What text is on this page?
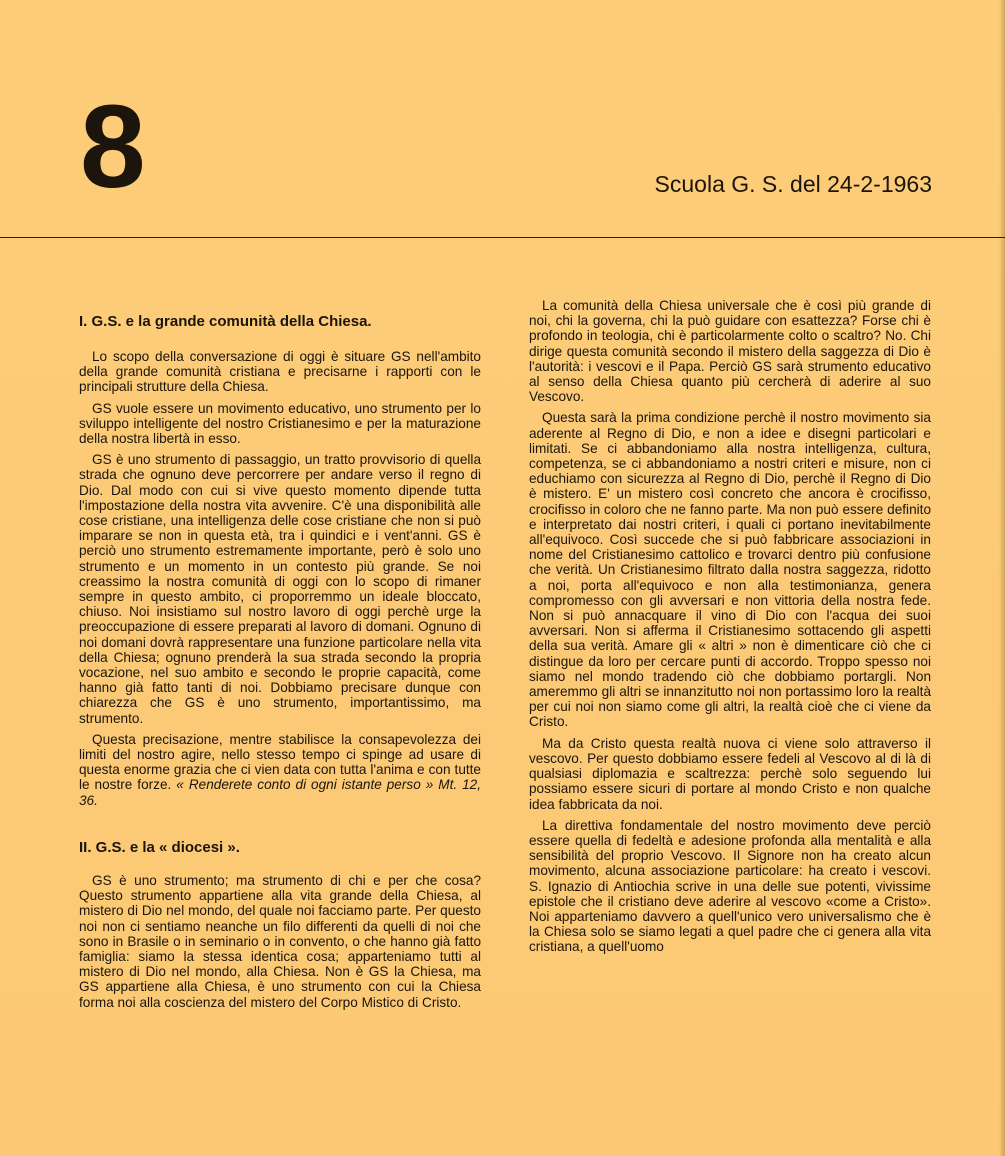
8	Scuola G. S. del 24-2-1963
I. G.S. e la grande comunità della Chiesa.

Lo scopo della conversazione di oggi è situare GS nell'ambito della grande comunità cristiana e precisarne i rapporti con le principali strutture della Chiesa.

GS vuole essere un movimento educativo, uno strumento per lo sviluppo intelligente del nostro Cristianesimo e per la maturazione della nostra libertà in esso.

GS è uno strumento di passaggio, un tratto provvisorio di quella strada che ognuno deve percorrere per andare verso il regno di Dio. Dal modo con cui si vive questo momento dipende tutta l'impostazione della nostra vita avvenire. C'è una disponibilità alle cose cristiane, una intelligenza delle cose cristiane che non si può imparare se non in questa età, tra i quindici e i vent'anni. GS è perciò uno strumento estremamente importante, però è solo uno strumento e un momento in un contesto più grande. Se noi creassimo la nostra comunità di oggi con lo scopo di rimaner sempre in questo ambito, ci proporremmo un ideale bloccato, chiuso. Noi insistiamo sul nostro lavoro di oggi perchè urge la preoccupazione di essere preparati al lavoro di domani. Ognuno di noi domani dovrà rappresentare una funzione particolare nella vita della Chiesa; ognuno prenderà la sua strada secondo la propria vocazione, nel suo ambito e secondo le proprie capacità, come hanno già fatto tanti di noi. Dobbiamo precisare dunque con chiarezza che GS è uno strumento, importantissimo, ma strumento.

Questa precisazione, mentre stabilisce la consapevolezza dei limiti del nostro agire, nello stesso tempo ci spinge ad usare di questa enorme grazia che ci vien data con tutta l'anima e con tutte le nostre forze. « Renderete conto di ogni istante perso » Mt. 12, 36.

II. G.S. e la « diocesi ».

GS è uno strumento; ma strumento di chi e per che cosa? Questo strumento appartiene alla vita grande della Chiesa, al mistero di Dio nel mondo, del quale noi facciamo parte. Per questo noi non ci sentiamo neanche un filo differenti da quelli di noi che sono in Brasile o in seminario o in convento, o che hanno già fatto famiglia: siamo la stessa identica cosa; apparteniamo tutti al mistero di Dio nel mondo, alla Chiesa. Non è GS la Chiesa, ma GS appartiene alla Chiesa, è uno strumento con cui la Chiesa forma noi alla coscienza del mistero del Corpo Mistico di Cristo.

La comunità della Chiesa universale che è così più grande di noi, chi la governa, chi la può guidare con esattezza? Forse chi è profondo in teologia, chi è particolarmente colto o scaltro? No. Chi dirige questa comunità secondo il mistero della saggezza di Dio è l'autorità: i vescovi e il Papa. Perciò GS sarà strumento educativo al senso della Chiesa quanto più cercherà di aderire al suo Vescovo.

Questa sarà la prima condizione perchè il nostro movimento sia aderente al Regno di Dio, e non a idee e disegni particolari e limitati. Se ci abbandoniamo alla nostra intelligenza, cultura, competenza, se ci abbandoniamo a nostri criteri e misure, non ci educhiamo con sicurezza al Regno di Dio, perchè il Regno di Dio è mistero. E' un mistero così concreto che ancora è crocifisso, crocifisso in coloro che ne fanno parte. Ma non può essere definito e interpretato dai nostri criteri, i quali ci portano inevitabilmente all'equivoco. Così succede che si può fabbricare associazioni in nome del Cristianesimo cattolico e trovarci dentro più confusione che verità. Un Cristianesimo filtrato dalla nostra saggezza, ridotto a noi, porta all'equivoco e non alla testimonianza, genera compromesso con gli avversari e non vittoria della nostra fede. Non si può annacquare il vino di Dio con l'acqua dei suoi avversari. Non si afferma il Cristianesimo sottacendo gli aspetti della sua verità. Amare gli « altri » non è dimenticare ciò che ci distingue da loro per cercare punti di accordo. Troppo spesso noi siamo nel mondo tradendo ciò che dobbiamo portargli. Non ameremmo gli altri se innanzitutto noi non portassimo loro la realtà per cui noi non siamo come gli altri, la realtà cioè che ci viene da Cristo.

Ma da Cristo questa realtà nuova ci viene solo attraverso il vescovo. Per questo dobbiamo essere fedeli al Vescovo al di là di qualsiasi diplomazia e scaltrezza: perchè solo seguendo lui possiamo essere sicuri di portare al mondo Cristo e non qualche idea fabbricata da noi.

La direttiva fondamentale del nostro movimento deve perciò essere quella di fedeltà e adesione profonda alla mentalità e alla sensibilità del proprio Vescovo. Il Signore non ha creato alcun movimento, alcuna associazione particolare: ha creato i vescovi. S. Ignazio di Antiochia scrive in una delle sue potenti, vivissime epistole che il cristiano deve aderire al vescovo «come a Cristo». Noi apparteniamo davvero a quell'unico vero universalismo che è la Chiesa solo se siamo legati a quel padre che ci genera alla vita cristiana, a quell'uomo
